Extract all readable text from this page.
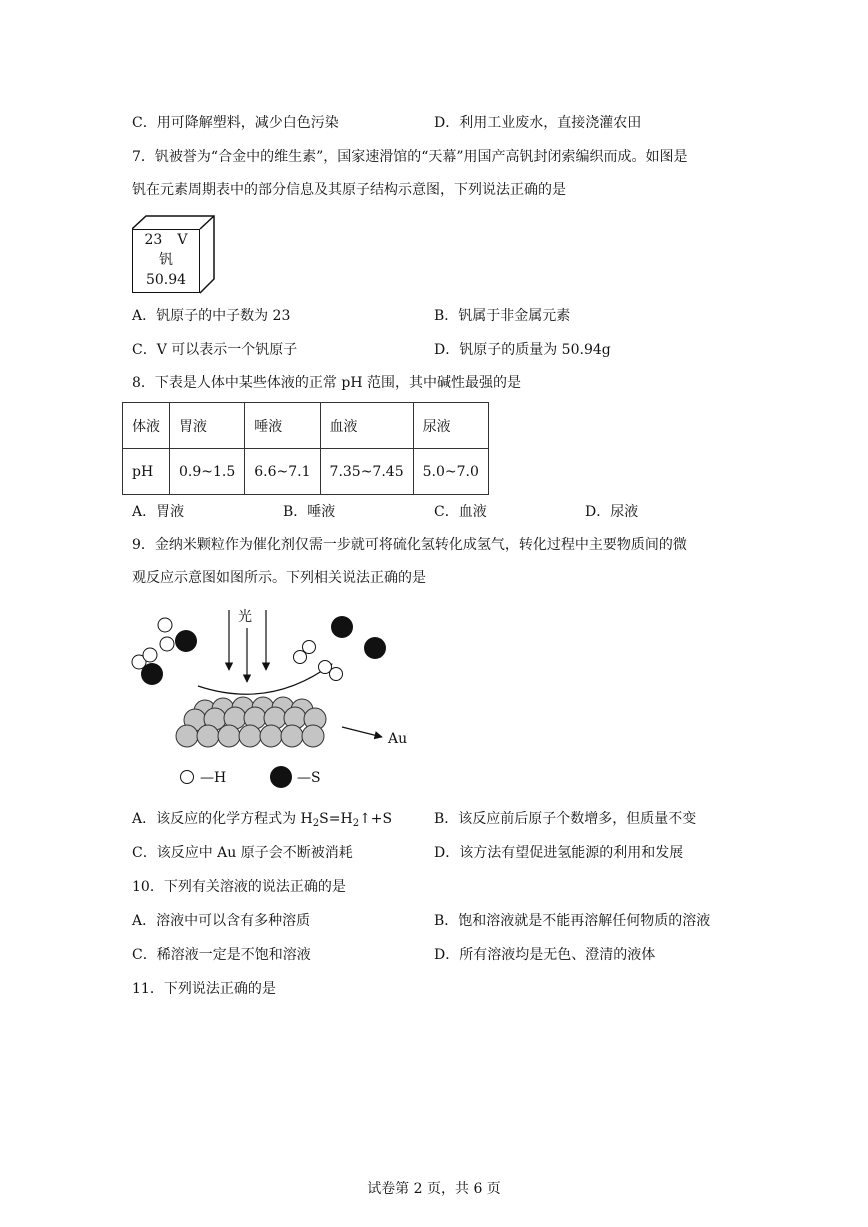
C．用可降解塑料，减少白色污染	D．利用工业废水，直接浇灌农田
7．钒被誉为“合金中的维生素”，国家速滑馆的“天幕”用国产高钒封闭索编织而成。如图是
钒在元素周期表中的部分信息及其原子结构示意图，下列说法正确的是
23 V
钒
50.94
A．钒原子的中子数为 23	B．钒属于非金属元素
C．V 可以表示一个钒原子	D．钒原子的质量为 50.94g
8．下表是人体中某些体液的正常 pH 范围，其中碱性最强的是
体液	胃液	唾液	血液	尿液
pH	0.9~1.5	6.6~7.1	7.35~7.45	5.0~7.0
A．胃液	B．唾液	C．血液	D．尿液
9．金纳米颗粒作为催化剂仅需一步就可将硫化氢转化成氢气，转化过程中主要物质间的微
观反应示意图如图所示。下列相关说法正确的是
光
Au
—H	—S
A．该反应的化学方程式为 $H_2S=H_2↑+S$	B．该反应前后原子个数增多，但质量不变
C．该反应中 Au 原子会不断被消耗	D．该方法有望促进氢能源的利用和发展
10．下列有关溶液的说法正确的是
A．溶液中可以含有多种溶质	B．饱和溶液就是不能再溶解任何物质的溶液
C．稀溶液一定是不饱和溶液	D．所有溶液均是无色、澄清的液体
11．下列说法正确的是
试卷第 2 页，共 6 页
